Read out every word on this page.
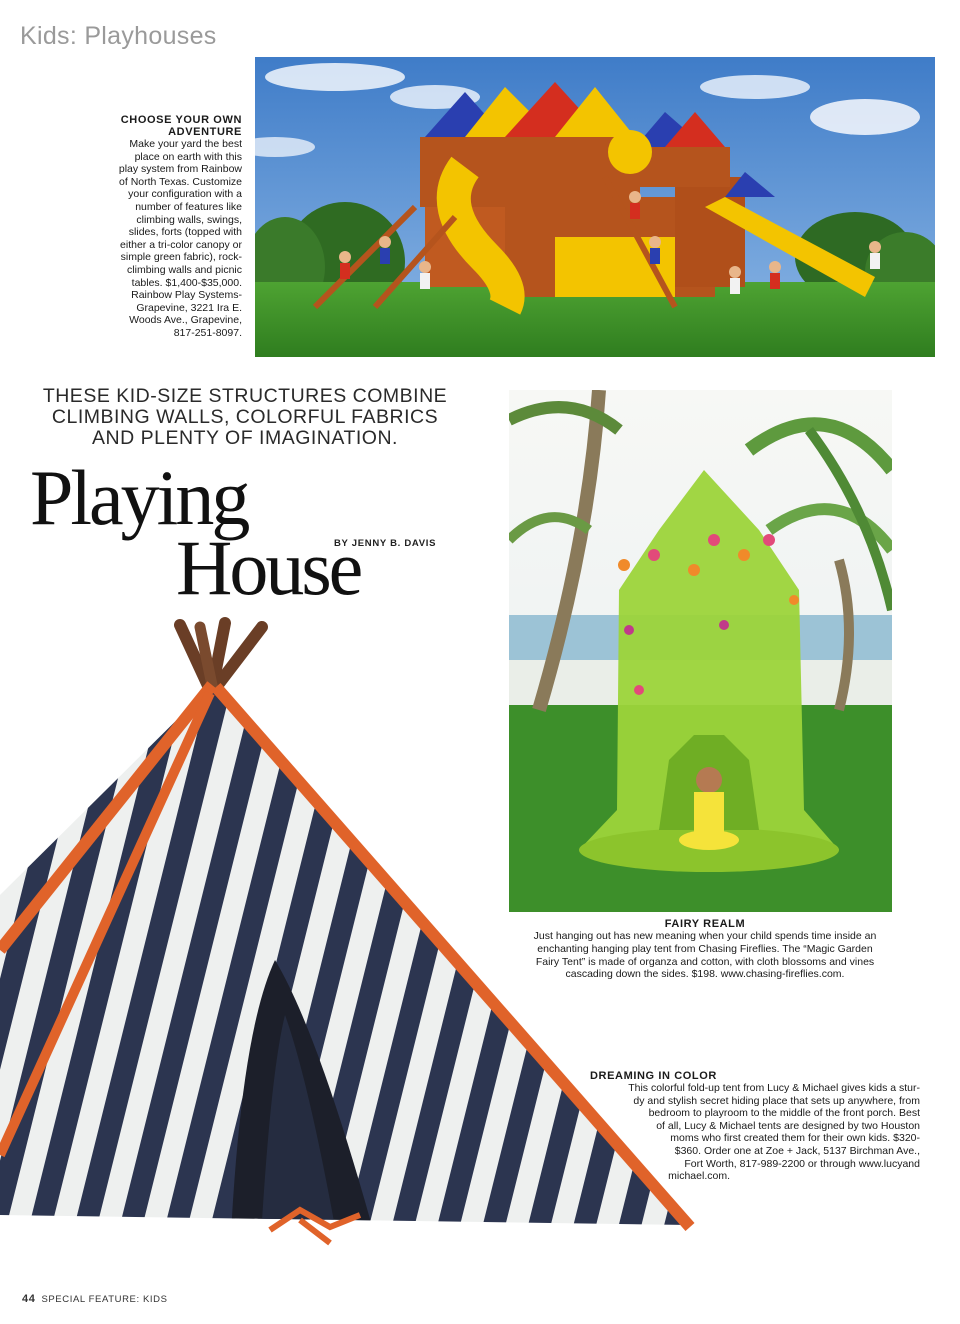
Kids: Playhouses
CHOOSE YOUR OWN
ADVENTURE
Make your yard the best
place on earth with this
play system from Rainbow
of North Texas. Customize
your configuration with a
number of features like
climbing walls, swings,
slides, forts (topped with
either a tri-color canopy or
simple green fabric), rock-
climbing walls and picnic
tables. $1,400-$35,000.
Rainbow Play Systems-
Grapevine, 3221 Ira E.
Woods Ave., Grapevine,
817-251-8097.
THESE KID-SIZE STRUCTURES COMBINE
CLIMBING WALLS, COLORFUL FABRICS
AND PLENTY OF IMAGINATION.
Playing
House
BY JENNY B. DAVIS
FAIRY REALM
Just hanging out has new meaning when your child spends time inside an
enchanting hanging play tent from Chasing Fireflies. The “Magic Garden
Fairy Tent” is made of organza and cotton, with cloth blossoms and vines
cascading down the sides. $198. www.chasing-fireflies.com.
DREAMING IN COLOR
This colorful fold-up tent from Lucy & Michael gives kids a stur-
dy and stylish secret hiding place that sets up anywhere, from
bedroom to playroom to the middle of the front porch. Best
of all, Lucy & Michael tents are designed by two Houston
moms who first created them for their own kids. $320-
$360. Order one at Zoe + Jack, 5137 Birchman Ave.,
Fort Worth, 817-989-2200 or through www.lucyand
michael.com.
44 SPECIAL FEATURE: KIDS
